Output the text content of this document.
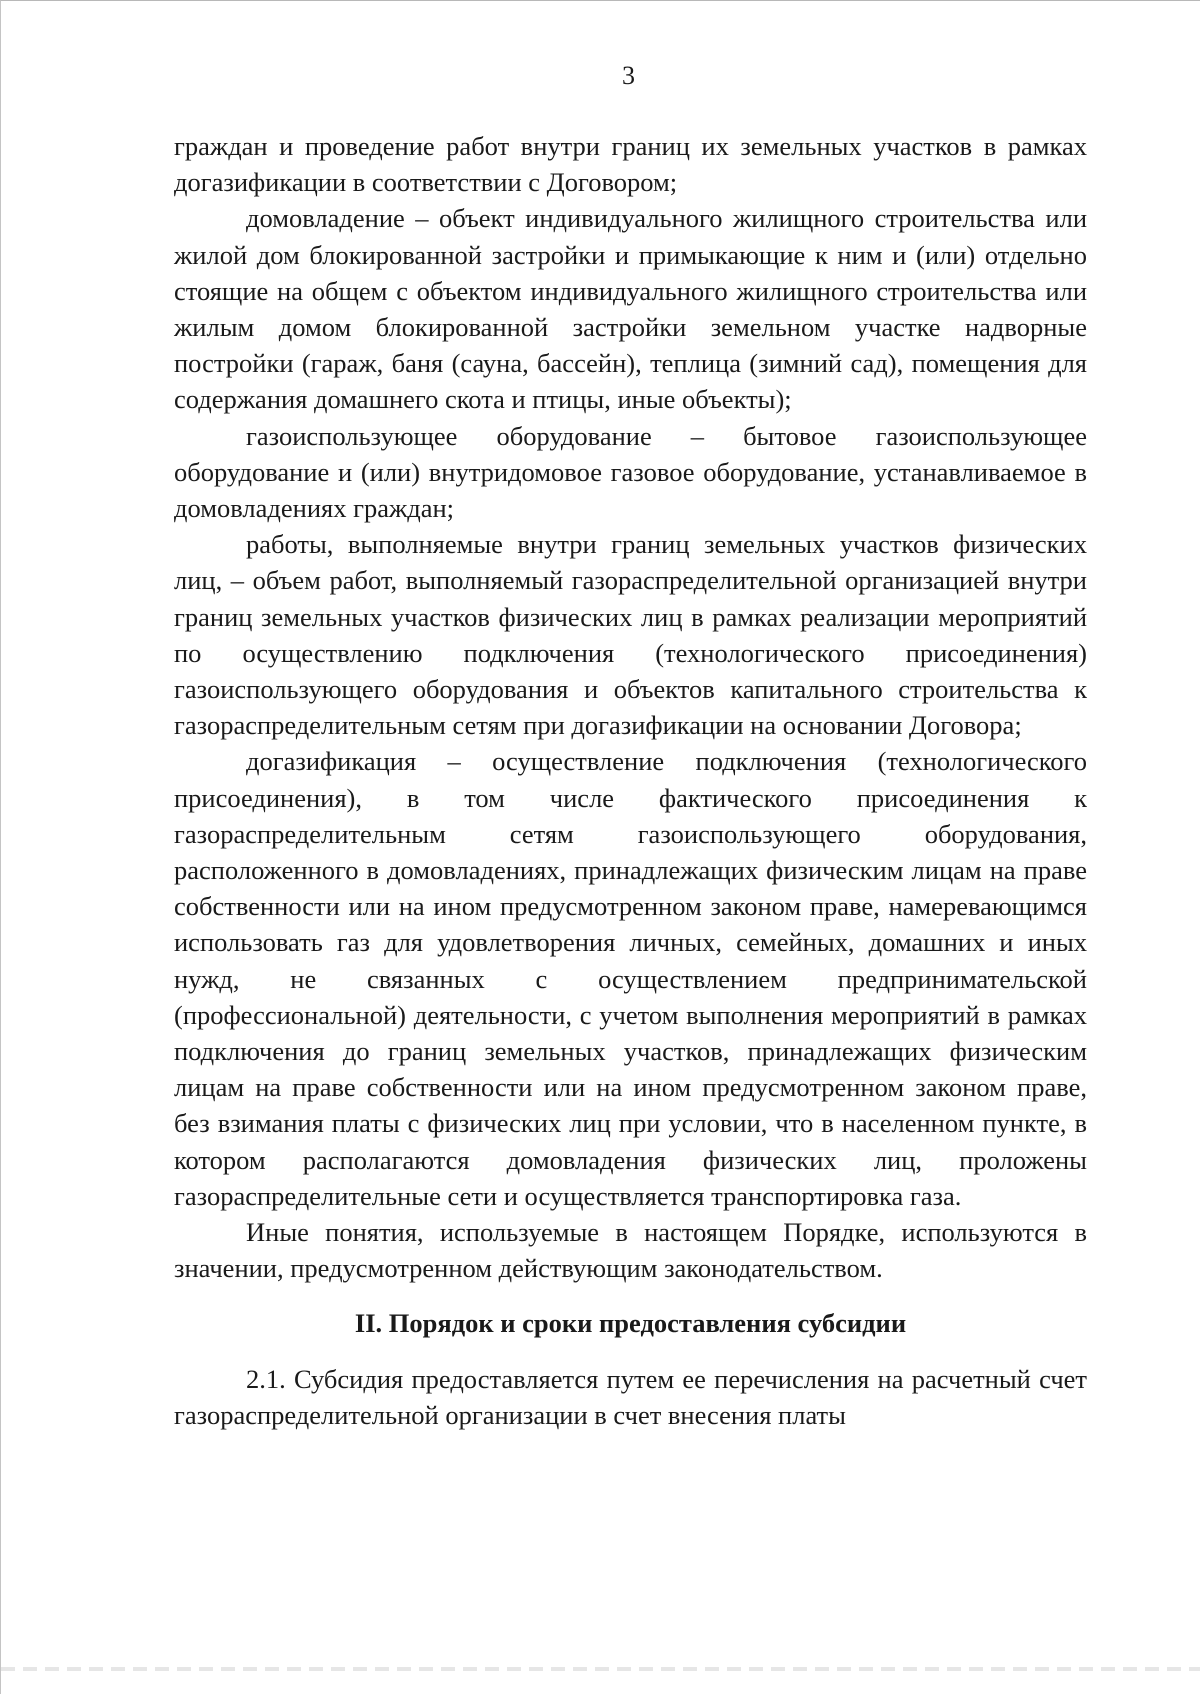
3

граждан и проведение работ внутри границ их земельных участков в рамках догазификации в соответствии с Договором;

домовладение – объект индивидуального жилищного строительства или жилой дом блокированной застройки и примыкающие к ним и (или) отдельно стоящие на общем с объектом индивидуального жилищного строительства или жилым домом блокированной застройки земельном участке надворные постройки (гараж, баня (сауна, бассейн), теплица (зимний сад), помещения для содержания домашнего скота и птицы, иные объекты);

газоиспользующее оборудование – бытовое газоиспользующее оборудование и (или) внутридомовое газовое оборудование, устанавливаемое в домовладениях граждан;

работы, выполняемые внутри границ земельных участков физических лиц, – объем работ, выполняемый газораспределительной организацией внутри границ земельных участков физических лиц в рамках реализации мероприятий по осуществлению подключения (технологического присоединения) газоиспользующего оборудования и объектов капитального строительства к газораспределительным сетям при догазификации на основании Договора;

догазификация – осуществление подключения (технологического присоединения), в том числе фактического присоединения к газораспределительным сетям газоиспользующего оборудования, расположенного в домовладениях, принадлежащих физическим лицам на праве собственности или на ином предусмотренном законом праве, намеревающимся использовать газ для удовлетворения личных, семейных, домашних и иных нужд, не связанных с осуществлением предпринимательской (профессиональной) деятельности, с учетом выполнения мероприятий в рамках подключения до границ земельных участков, принадлежащих физическим лицам на праве собственности или на ином предусмотренном законом праве, без взимания платы с физических лиц при условии, что в населенном пункте, в котором располагаются домовладения физических лиц, проложены газораспределительные сети и осуществляется транспортировка газа.

Иные понятия, используемые в настоящем Порядке, используются в значении, предусмотренном действующим законодательством.

II. Порядок и сроки предоставления субсидии

2.1. Субсидия предоставляется путем ее перечисления на расчетный счет газораспределительной организации в счет внесения платы
